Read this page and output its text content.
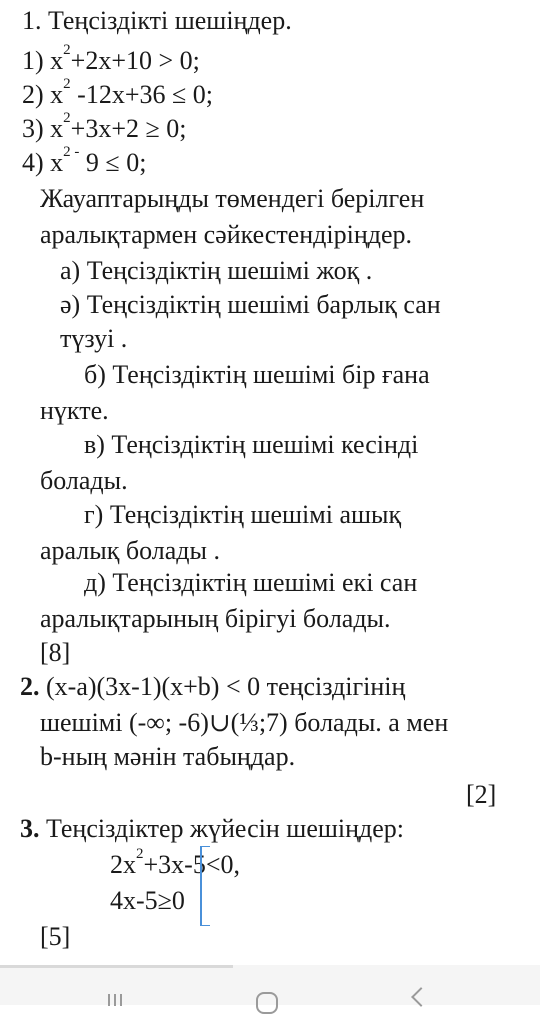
1. Теңсіздікті шешіңдер.
1) $x^2+2x+10 > 0$;
2) $x^2$ -12x+36 ≤ 0;
3) $x^2+3x+2 \ge 0$;
4) $x^{2 -}$ 9 ≤ 0;
Жауаптарыңды төмендегі берілген
аралықтармен сәйкестендіріңдер.
а) Теңсіздіктің шешімі жоқ .
ә) Теңсіздіктің шешімі барлық сан
түзуі .
б) Теңсіздіктің шешімі бір ғана
нүкте.
в) Теңсіздіктің шешімі кесінді
болады.
г) Теңсіздіктің шешімі ашық
аралық болады .
д) Теңсіздіктің шешімі екі сан
аралықтарының бірігуі болады.
[8]
2. (x-a)(3x-1)(x+b) < 0 теңсіздігінің
шешімі (-∞; -6)∪(⅓;7) болады. a мен
b-ның мәнін табыңдар.
[2]
3. Теңсіздіктер жүйесін шешіңдер:
$2x^2+3x-5<0$,
4x-5≥0
[5]
